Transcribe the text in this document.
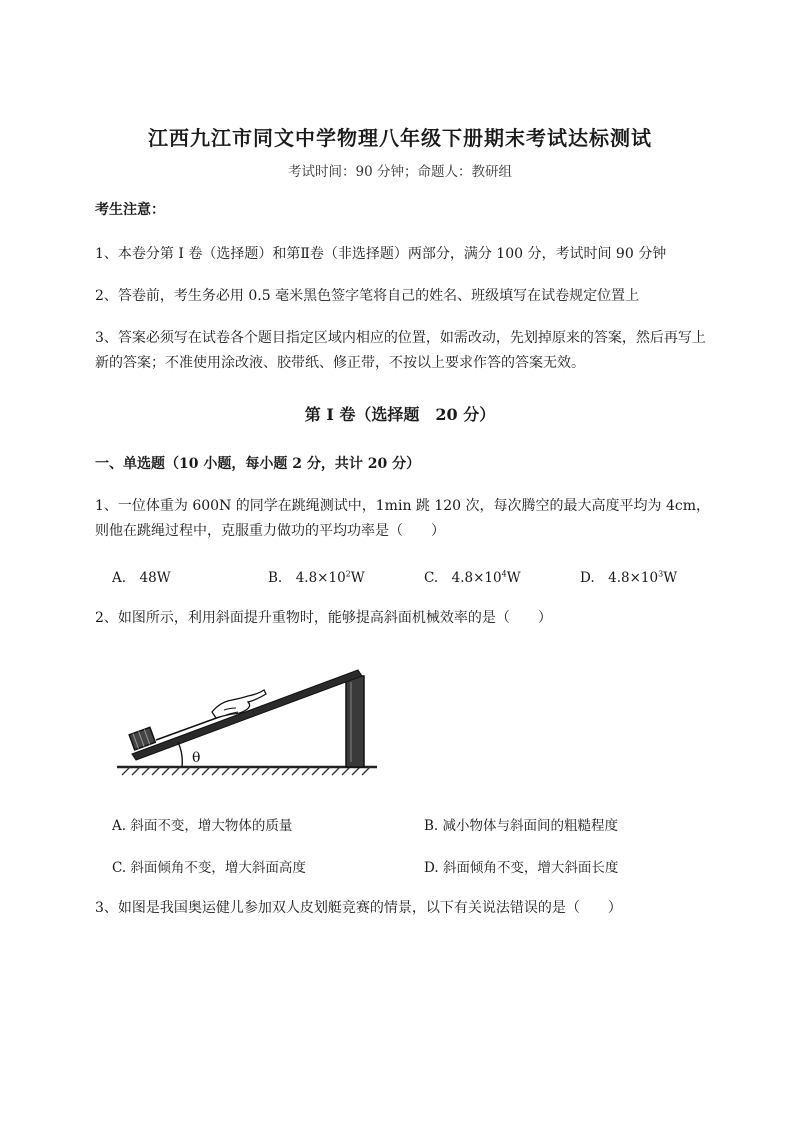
江西九江市同文中学物理八年级下册期末考试达标测试
考试时间：90 分钟；命题人：教研组
考生注意：
1、本卷分第 I 卷（选择题）和第Ⅱ卷（非选择题）两部分，满分 100 分，考试时间 90 分钟
2、答卷前，考生务必用 0.5 毫米黑色签字笔将自己的姓名、班级填写在试卷规定位置上
3、答案必须写在试卷各个题目指定区域内相应的位置，如需改动，先划掉原来的答案，然后再写上新的答案；不准使用涂改液、胶带纸、修正带，不按以上要求作答的答案无效。
第 I 卷（选择题　20 分）
一、单选题（10 小题，每小题 2 分，共计 20 分）
1、一位体重为 600N 的同学在跳绳测试中，1min 跳 120 次，每次腾空的最大高度平均为 4cm，则他在跳绳过程中，克服重力做功的平均功率是（　　）
A.　48W	B.　$4.8\times 10^2W$	C.　$4.8\times 10^4W$	D.　$4.8\times 10^3W$
2、如图所示，利用斜面提升重物时，能够提高斜面机械效率的是（　　）
θ
A. 斜面不变，增大物体的质量	B. 减小物体与斜面间的粗糙程度
C. 斜面倾角不变，增大斜面高度	D. 斜面倾角不变，增大斜面长度
3、如图是我国奥运健儿参加双人皮划艇竞赛的情景，以下有关说法错误的是（　　）
